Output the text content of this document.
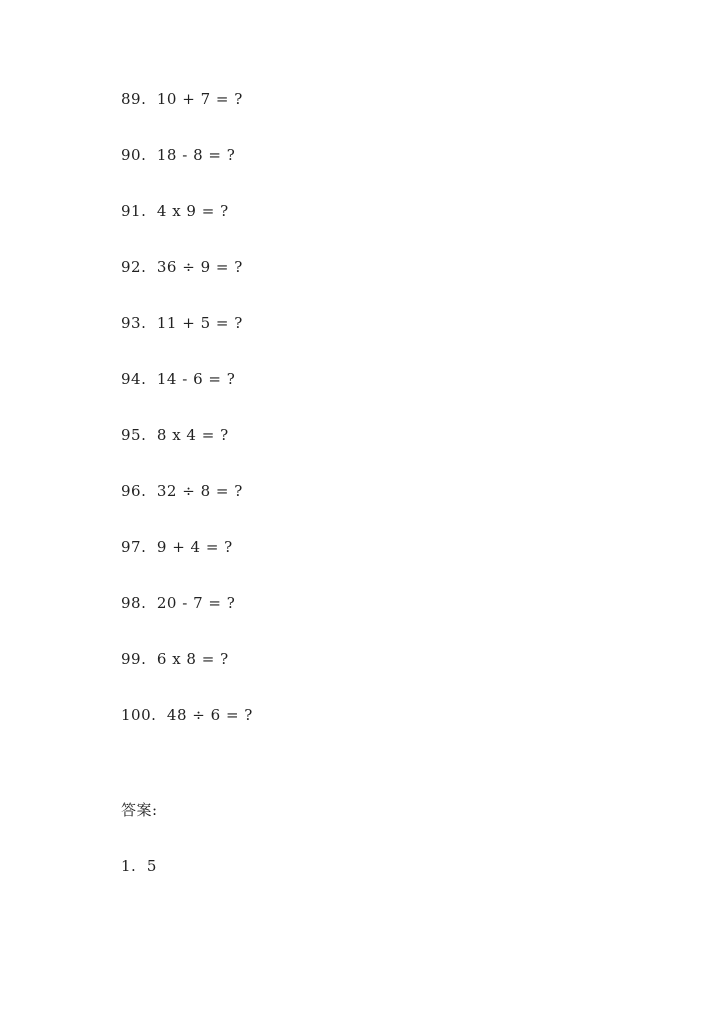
89.  10 + 7 = ?
90.  18 - 8 = ?
91.  4 x 9 = ?
92.  36 ÷ 9 = ?
93.  11 + 5 = ?
94.  14 - 6 = ?
95.  8 x 4 = ?
96.  32 ÷ 8 = ?
97.  9 + 4 = ?
98.  20 - 7 = ?
99.  6 x 8 = ?
100.  48 ÷ 6 = ?
答案:
1.  5
